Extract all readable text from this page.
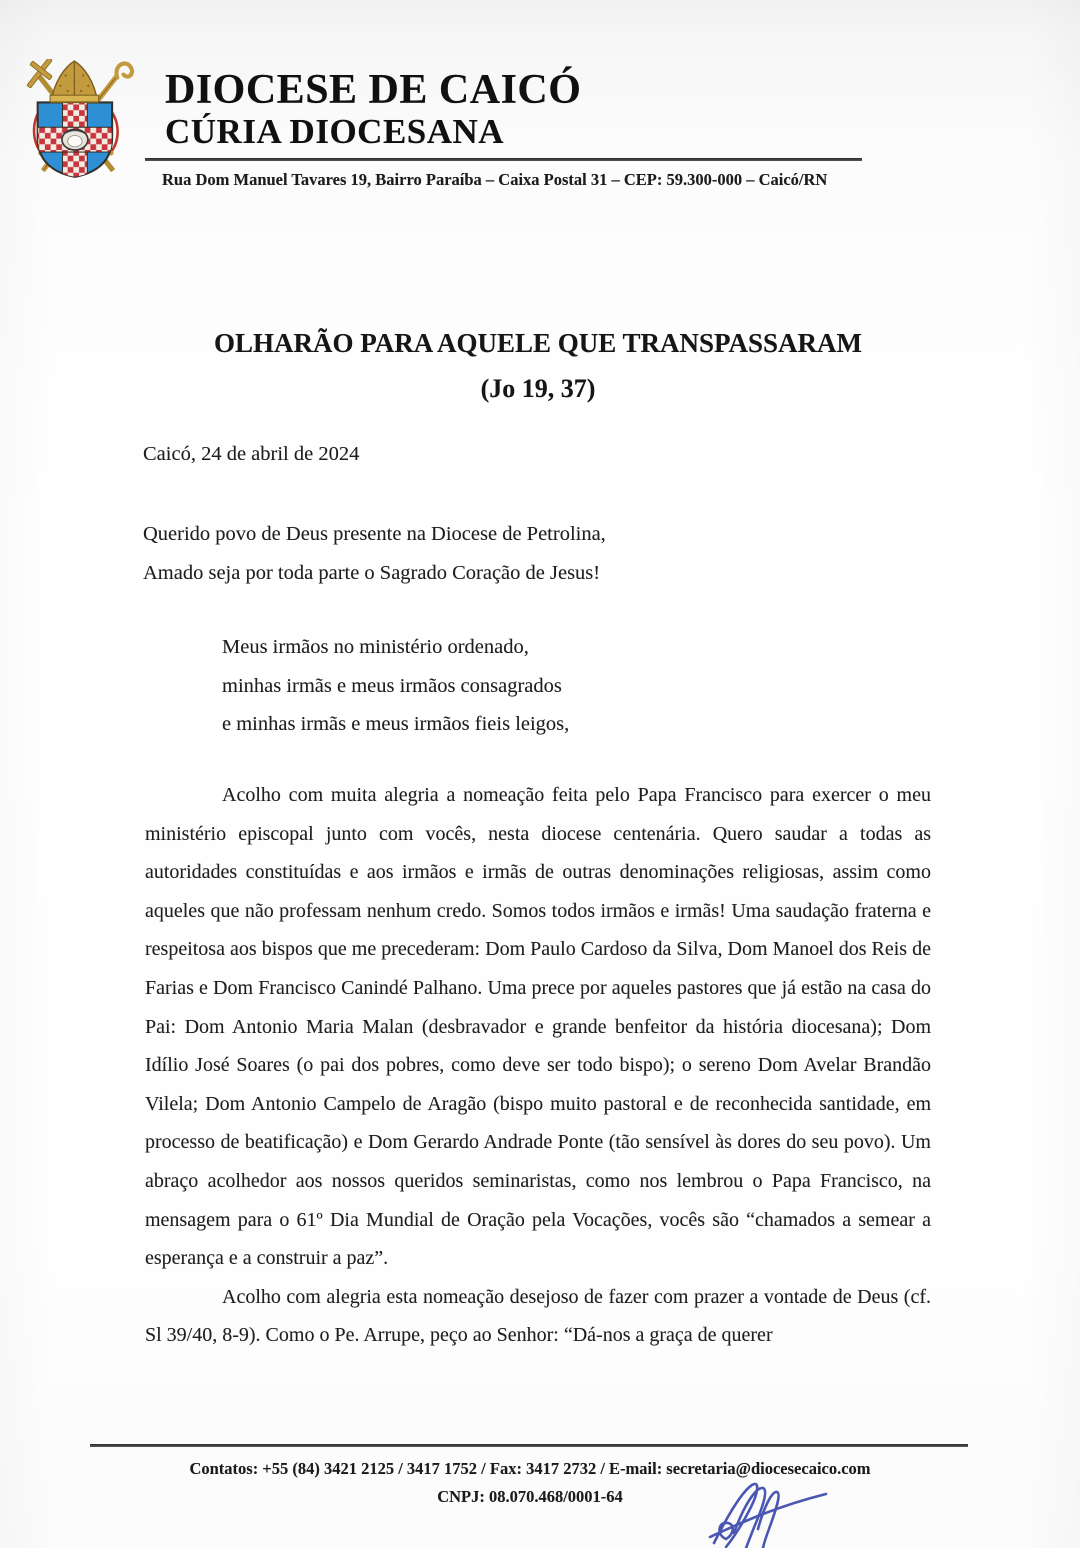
DIOCESE DE CAICÓ
CÚRIA DIOCESANA
Rua Dom Manuel Tavares 19, Bairro Paraíba – Caixa Postal 31 – CEP: 59.300-000 – Caicó/RN
OLHARÃO PARA AQUELE QUE TRANSPASSARAM
(Jo 19, 37)
Caicó, 24 de abril de 2024
Querido povo de Deus presente na Diocese de Petrolina,
Amado seja por toda parte o Sagrado Coração de Jesus!
Meus irmãos no ministério ordenado,
minhas irmãs e meus irmãos consagrados
e minhas irmãs e meus irmãos fieis leigos,

Acolho com muita alegria a nomeação feita pelo Papa Francisco para exercer o meu ministério episcopal junto com vocês, nesta diocese centenária. Quero saudar a todas as autoridades constituídas e aos irmãos e irmãs de outras denominações religiosas, assim como aqueles que não professam nenhum credo. Somos todos irmãos e irmãs! Uma saudação fraterna e respeitosa aos bispos que me precederam: Dom Paulo Cardoso da Silva, Dom Manoel dos Reis de Farias e Dom Francisco Canindé Palhano. Uma prece por aqueles pastores que já estão na casa do Pai: Dom Antonio Maria Malan (desbravador e grande benfeitor da história diocesana); Dom Idílio José Soares (o pai dos pobres, como deve ser todo bispo); o sereno Dom Avelar Brandão Vilela; Dom Antonio Campelo de Aragão (bispo muito pastoral e de reconhecida santidade, em processo de beatificação) e Dom Gerardo Andrade Ponte (tão sensível às dores do seu povo). Um abraço acolhedor aos nossos queridos seminaristas, como nos lembrou o Papa Francisco, na mensagem para o 61º Dia Mundial de Oração pela Vocações, vocês são “chamados a semear a esperança e a construir a paz”.

Acolho com alegria esta nomeação desejoso de fazer com prazer a vontade de Deus (cf. Sl 39/40, 8-9). Como o Pe. Arrupe, peço ao Senhor: “Dá-nos a graça de querer

Contatos: +55 (84) 3421 2125 / 3417 1752 / Fax: 3417 2732 / E-mail: secretaria@diocesecaico.com
CNPJ: 08.070.468/0001-64
